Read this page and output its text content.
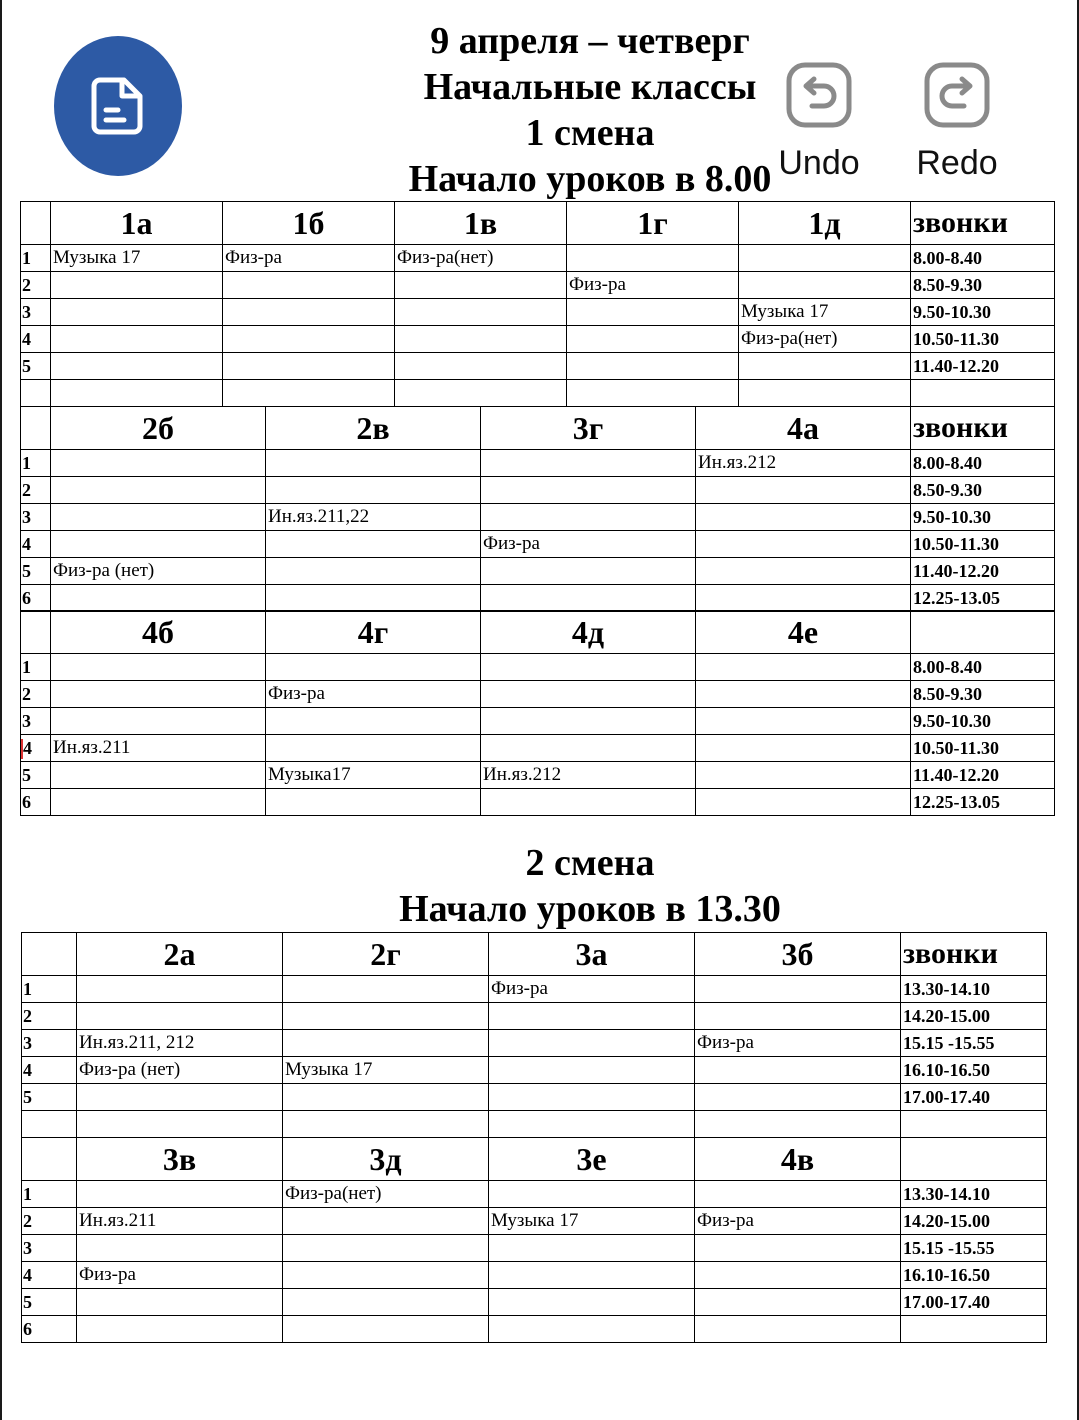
9 апреля – четверг
Начальные классы
1 смена
Начало уроков в 8.00 Undo Redo
	1а	1б	1в	1г	1д	звонки
1	Музыка 17	Физ-ра	Физ-ра(нет)			8.00-8.40
2				Физ-ра		8.50-9.30
3					Музыка 17	9.50-10.30
4					Физ-ра(нет)	10.50-11.30
5						11.40-12.20

	2б	2в	3г	4а	звонки
1				Ин.яз.212	8.00-8.40
2					8.50-9.30
3		Ин.яз.211,22			9.50-10.30
4			Физ-ра		10.50-11.30
5	Физ-ра (нет)				11.40-12.20
6					12.25-13.05
	4б	4г	4д	4е	
1					8.00-8.40
2		Физ-ра			8.50-9.30
3					9.50-10.30
4	Ин.яз.211				10.50-11.30
5		Музыка17	Ин.яз.212		11.40-12.20
6					12.25-13.05
2 смена
Начало уроков в 13.30
	2а	2г	3а	3б	звонки
1			Физ-ра		13.30-14.10
2					14.20-15.00
3	Ин.яз.211, 212			Физ-ра	15.15 -15.55
4	Физ-ра (нет)	Музыка 17			16.10-16.50
5					17.00-17.40

	3в	3д	3е	4в	
1		Физ-ра(нет)			13.30-14.10
2	Ин.яз.211		Музыка 17	Физ-ра	14.20-15.00
3					15.15 -15.55
4	Физ-ра				16.10-16.50
5					17.00-17.40
6					
